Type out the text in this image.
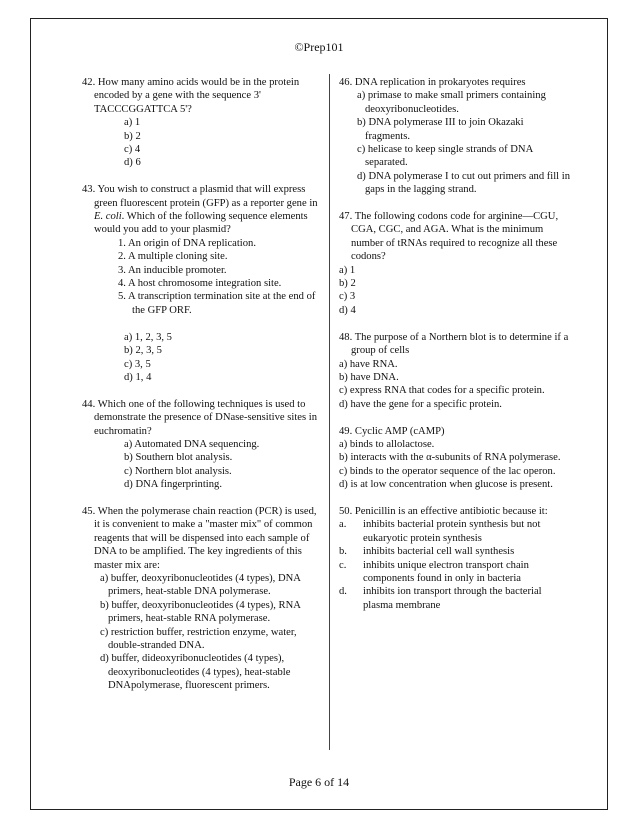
©Prep101
42. How many amino acids would be in the protein encoded by a gene with the sequence 3' TACCCGGATTCA 5'?
a) 1
b) 2
c) 4
d) 6
43. You wish to construct a plasmid that will express green fluorescent protein (GFP) as a reporter gene in E. coli. Which of the following sequence elements would you add to your plasmid?
1. An origin of DNA replication.
2. A multiple cloning site.
3. An inducible promoter.
4. A host chromosome integration site.
5. A transcription termination site at the end of the GFP ORF.
a) 1, 2, 3, 5
b) 2, 3, 5
c) 3, 5
d) 1, 4
44. Which one of the following techniques is used to demonstrate the presence of DNase-sensitive sites in euchromatin?
a) Automated DNA sequencing.
b) Southern blot analysis.
c) Northern blot analysis.
d) DNA fingerprinting.
45. When the polymerase chain reaction (PCR) is used, it is convenient to make a "master mix" of common reagents that will be dispensed into each sample of DNA to be amplified. The key ingredients of this master mix are:
a) buffer, deoxyribonucleotides (4 types), DNA primers, heat-stable DNA polymerase.
b) buffer, deoxyribonucleotides (4 types), RNA primers, heat-stable RNA polymerase.
c) restriction buffer, restriction enzyme, water, double-stranded DNA.
d) buffer, dideoxyribonucleotides (4 types), deoxyribonucleotides (4 types), heat-stable DNApolymerase, fluorescent primers.
46. DNA replication in prokaryotes requires
a) primase to make small primers containing deoxyribonucleotides.
b) DNA polymerase III to join Okazaki fragments.
c) helicase to keep single strands of DNA separated.
d) DNA polymerase I to cut out primers and fill in gaps in the lagging strand.
47. The following codons code for arginine—CGU, CGA, CGC, and AGA. What is the minimum number of tRNAs required to recognize all these codons?
a) 1
b) 2
c) 3
d) 4
48. The purpose of a Northern blot is to determine if a group of cells
a) have RNA.
b) have DNA.
c) express RNA that codes for a specific protein.
d) have the gene for a specific protein.
49. Cyclic AMP (cAMP)
a) binds to allolactose.
b) interacts with the α-subunits of RNA polymerase.
c) binds to the operator sequence of the lac operon.
d) is at low concentration when glucose is present.
50. Penicillin is an effective antibiotic because it:
a.	inhibits bacterial protein synthesis but not eukaryotic protein synthesis
b.	inhibits bacterial cell wall synthesis
c.	inhibits unique electron transport chain components found in only in bacteria
d.	inhibits ion transport through the bacterial plasma membrane
Page 6 of 14
